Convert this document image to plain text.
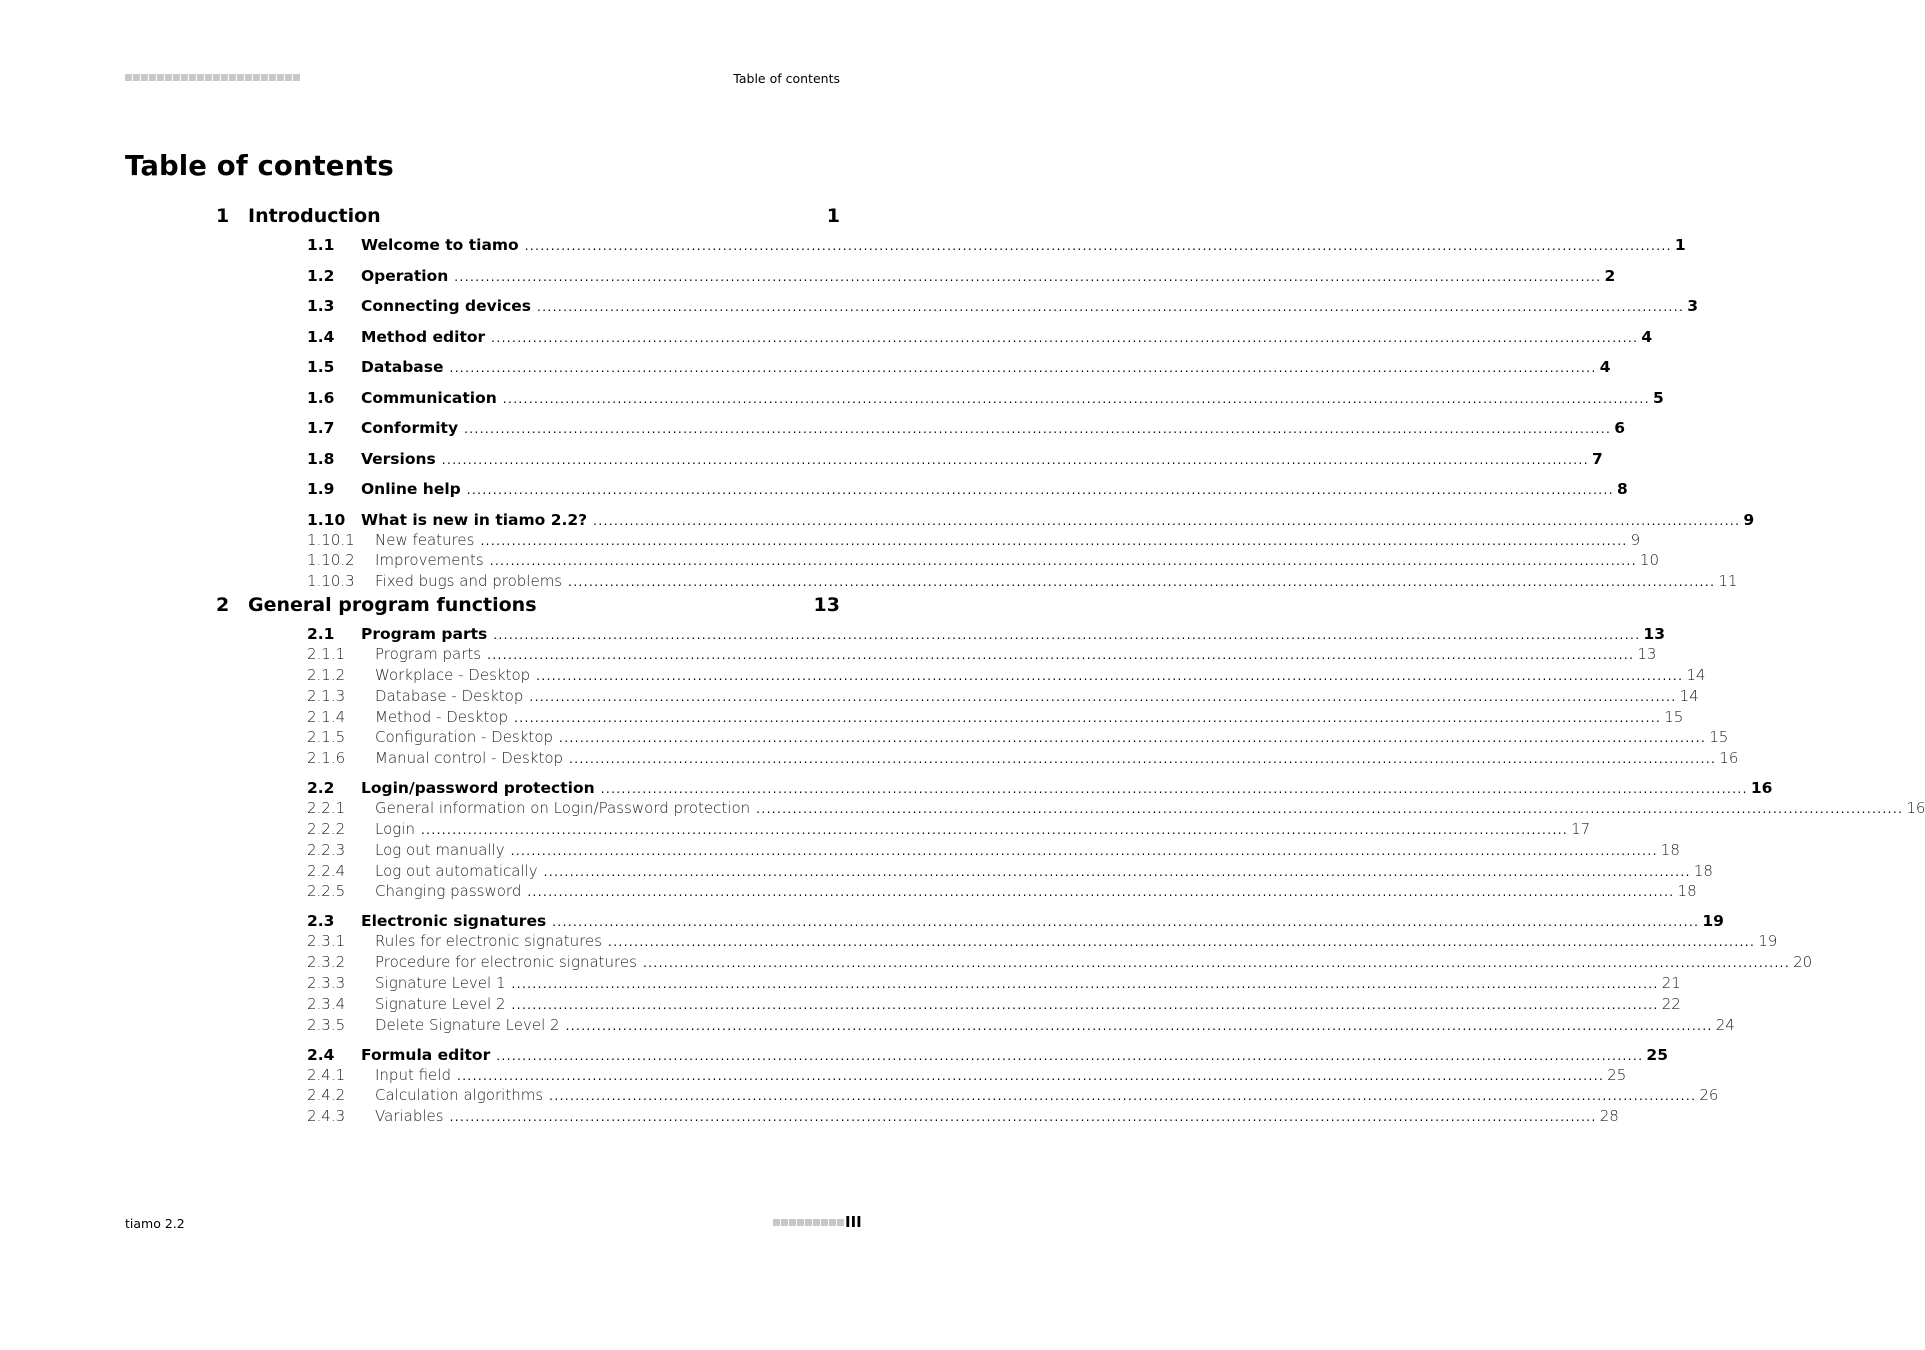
Table of contents
Table of contents
1 Introduction	1
1.1	Welcome to tiamo ............................................................................................................................................................................................................................ 1
1.2	Operation ............................................................................................................................................................................................................................ 2
1.3	Connecting devices ............................................................................................................................................................................................................................ 3
1.4	Method editor ............................................................................................................................................................................................................................ 4
1.5	Database ............................................................................................................................................................................................................................ 4
1.6	Communication ............................................................................................................................................................................................................................ 5
1.7	Conformity ............................................................................................................................................................................................................................ 6
1.8	Versions ............................................................................................................................................................................................................................ 7
1.9	Online help ............................................................................................................................................................................................................................ 8
1.10	What is new in tiamo 2.2? ............................................................................................................................................................................................................................ 9
1.10.1	New features ............................................................................................................................................................................................................................ 9
1.10.2	Improvements ............................................................................................................................................................................................................................ 10
1.10.3	Fixed bugs and problems ............................................................................................................................................................................................................................ 11
2 General program functions	13
2.1	Program parts ............................................................................................................................................................................................................................ 13
2.1.1	Program parts ............................................................................................................................................................................................................................ 13
2.1.2	Workplace - Desktop ............................................................................................................................................................................................................................ 14
2.1.3	Database - Desktop ............................................................................................................................................................................................................................ 14
2.1.4	Method - Desktop ............................................................................................................................................................................................................................ 15
2.1.5	Configuration - Desktop ............................................................................................................................................................................................................................ 15
2.1.6	Manual control - Desktop ............................................................................................................................................................................................................................ 16
2.2	Login/password protection ............................................................................................................................................................................................................................ 16
2.2.1	General information on Login/Password protection ............................................................................................................................................................................................................................ 16
2.2.2	Login ............................................................................................................................................................................................................................ 17
2.2.3	Log out manually ............................................................................................................................................................................................................................ 18
2.2.4	Log out automatically ............................................................................................................................................................................................................................ 18
2.2.5	Changing password ............................................................................................................................................................................................................................ 18
2.3	Electronic signatures ............................................................................................................................................................................................................................ 19
2.3.1	Rules for electronic signatures ............................................................................................................................................................................................................................ 19
2.3.2	Procedure for electronic signatures ............................................................................................................................................................................................................................ 20
2.3.3	Signature Level 1 ............................................................................................................................................................................................................................ 21
2.3.4	Signature Level 2 ............................................................................................................................................................................................................................ 22
2.3.5	Delete Signature Level 2 ............................................................................................................................................................................................................................ 24
2.4	Formula editor ............................................................................................................................................................................................................................ 25
2.4.1	Input field ............................................................................................................................................................................................................................ 25
2.4.2	Calculation algorithms ............................................................................................................................................................................................................................ 26
2.4.3	Variables ............................................................................................................................................................................................................................ 28
tiamo 2.2	III
